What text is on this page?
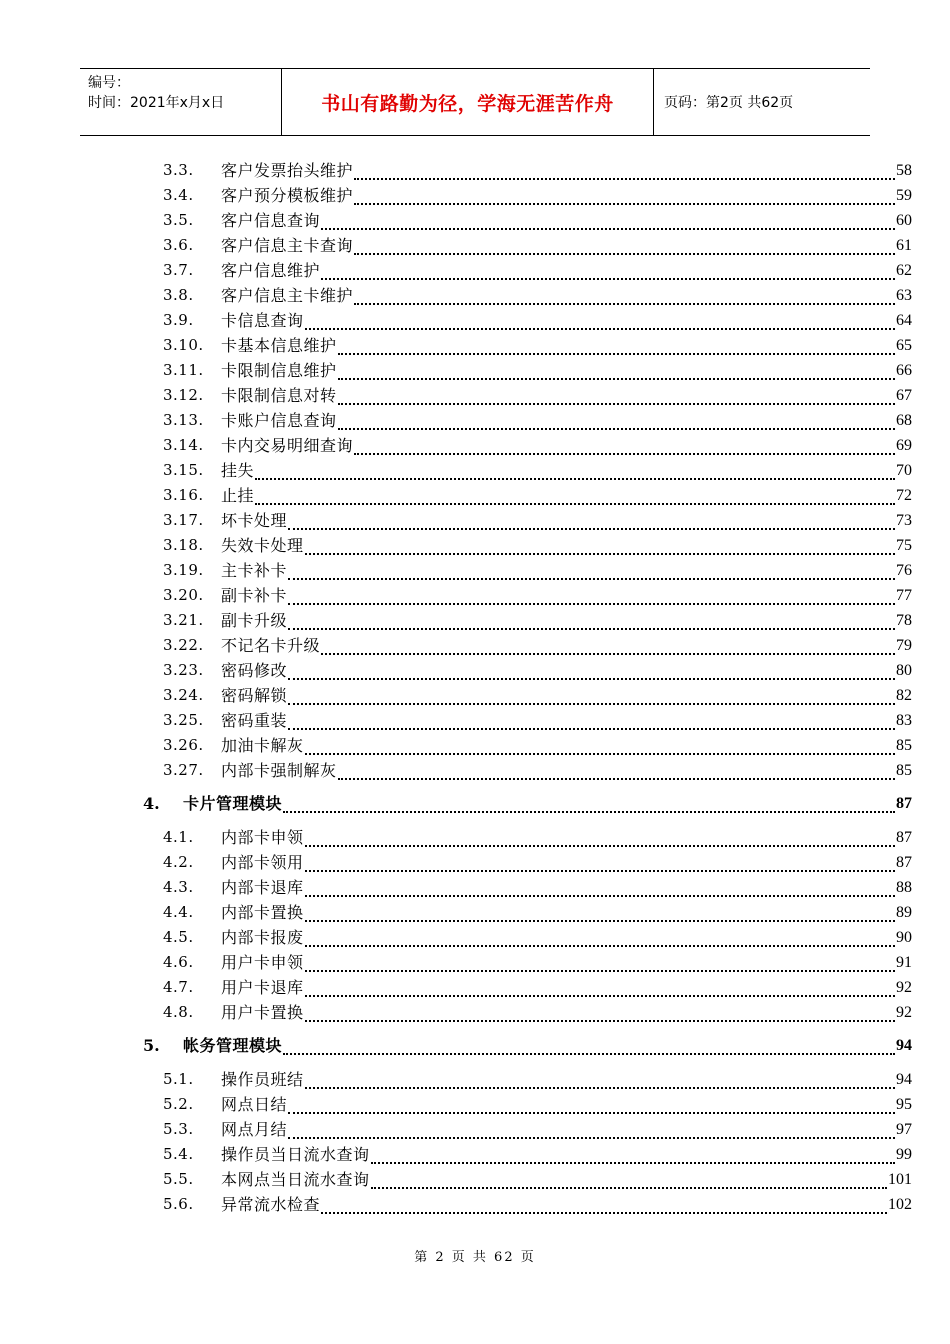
编号：
时间：2021年x月x日	书山有路勤为径，学海无涯苦作舟	页码：第2页 共62页
3.3. 客户发票抬头维护	58
3.4. 客户预分模板维护	59
3.5. 客户信息查询	60
3.6. 客户信息主卡查询	61
3.7. 客户信息维护	62
3.8. 客户信息主卡维护	63
3.9. 卡信息查询	64
3.10. 卡基本信息维护	65
3.11. 卡限制信息维护	66
3.12. 卡限制信息对转	67
3.13. 卡账户信息查询	68
3.14. 卡内交易明细查询	69
3.15. 挂失	70
3.16. 止挂	72
3.17. 坏卡处理	73
3.18. 失效卡处理	75
3.19. 主卡补卡	76
3.20. 副卡补卡	77
3.21. 副卡升级	78
3.22. 不记名卡升级	79
3.23. 密码修改	80
3.24. 密码解锁	82
3.25. 密码重装	83
3.26. 加油卡解灰	85
3.27. 内部卡强制解灰	85
4. 卡片管理模块	87
4.1. 内部卡申领	87
4.2. 内部卡领用	87
4.3. 内部卡退库	88
4.4. 内部卡置换	89
4.5. 内部卡报废	90
4.6. 用户卡申领	91
4.7. 用户卡退库	92
4.8. 用户卡置换	92
5. 帐务管理模块	94
5.1. 操作员班结	94
5.2. 网点日结	95
5.3. 网点月结	97
5.4. 操作员当日流水查询	99
5.5. 本网点当日流水查询	101
5.6. 异常流水检查	102
第 2 页 共 62 页
